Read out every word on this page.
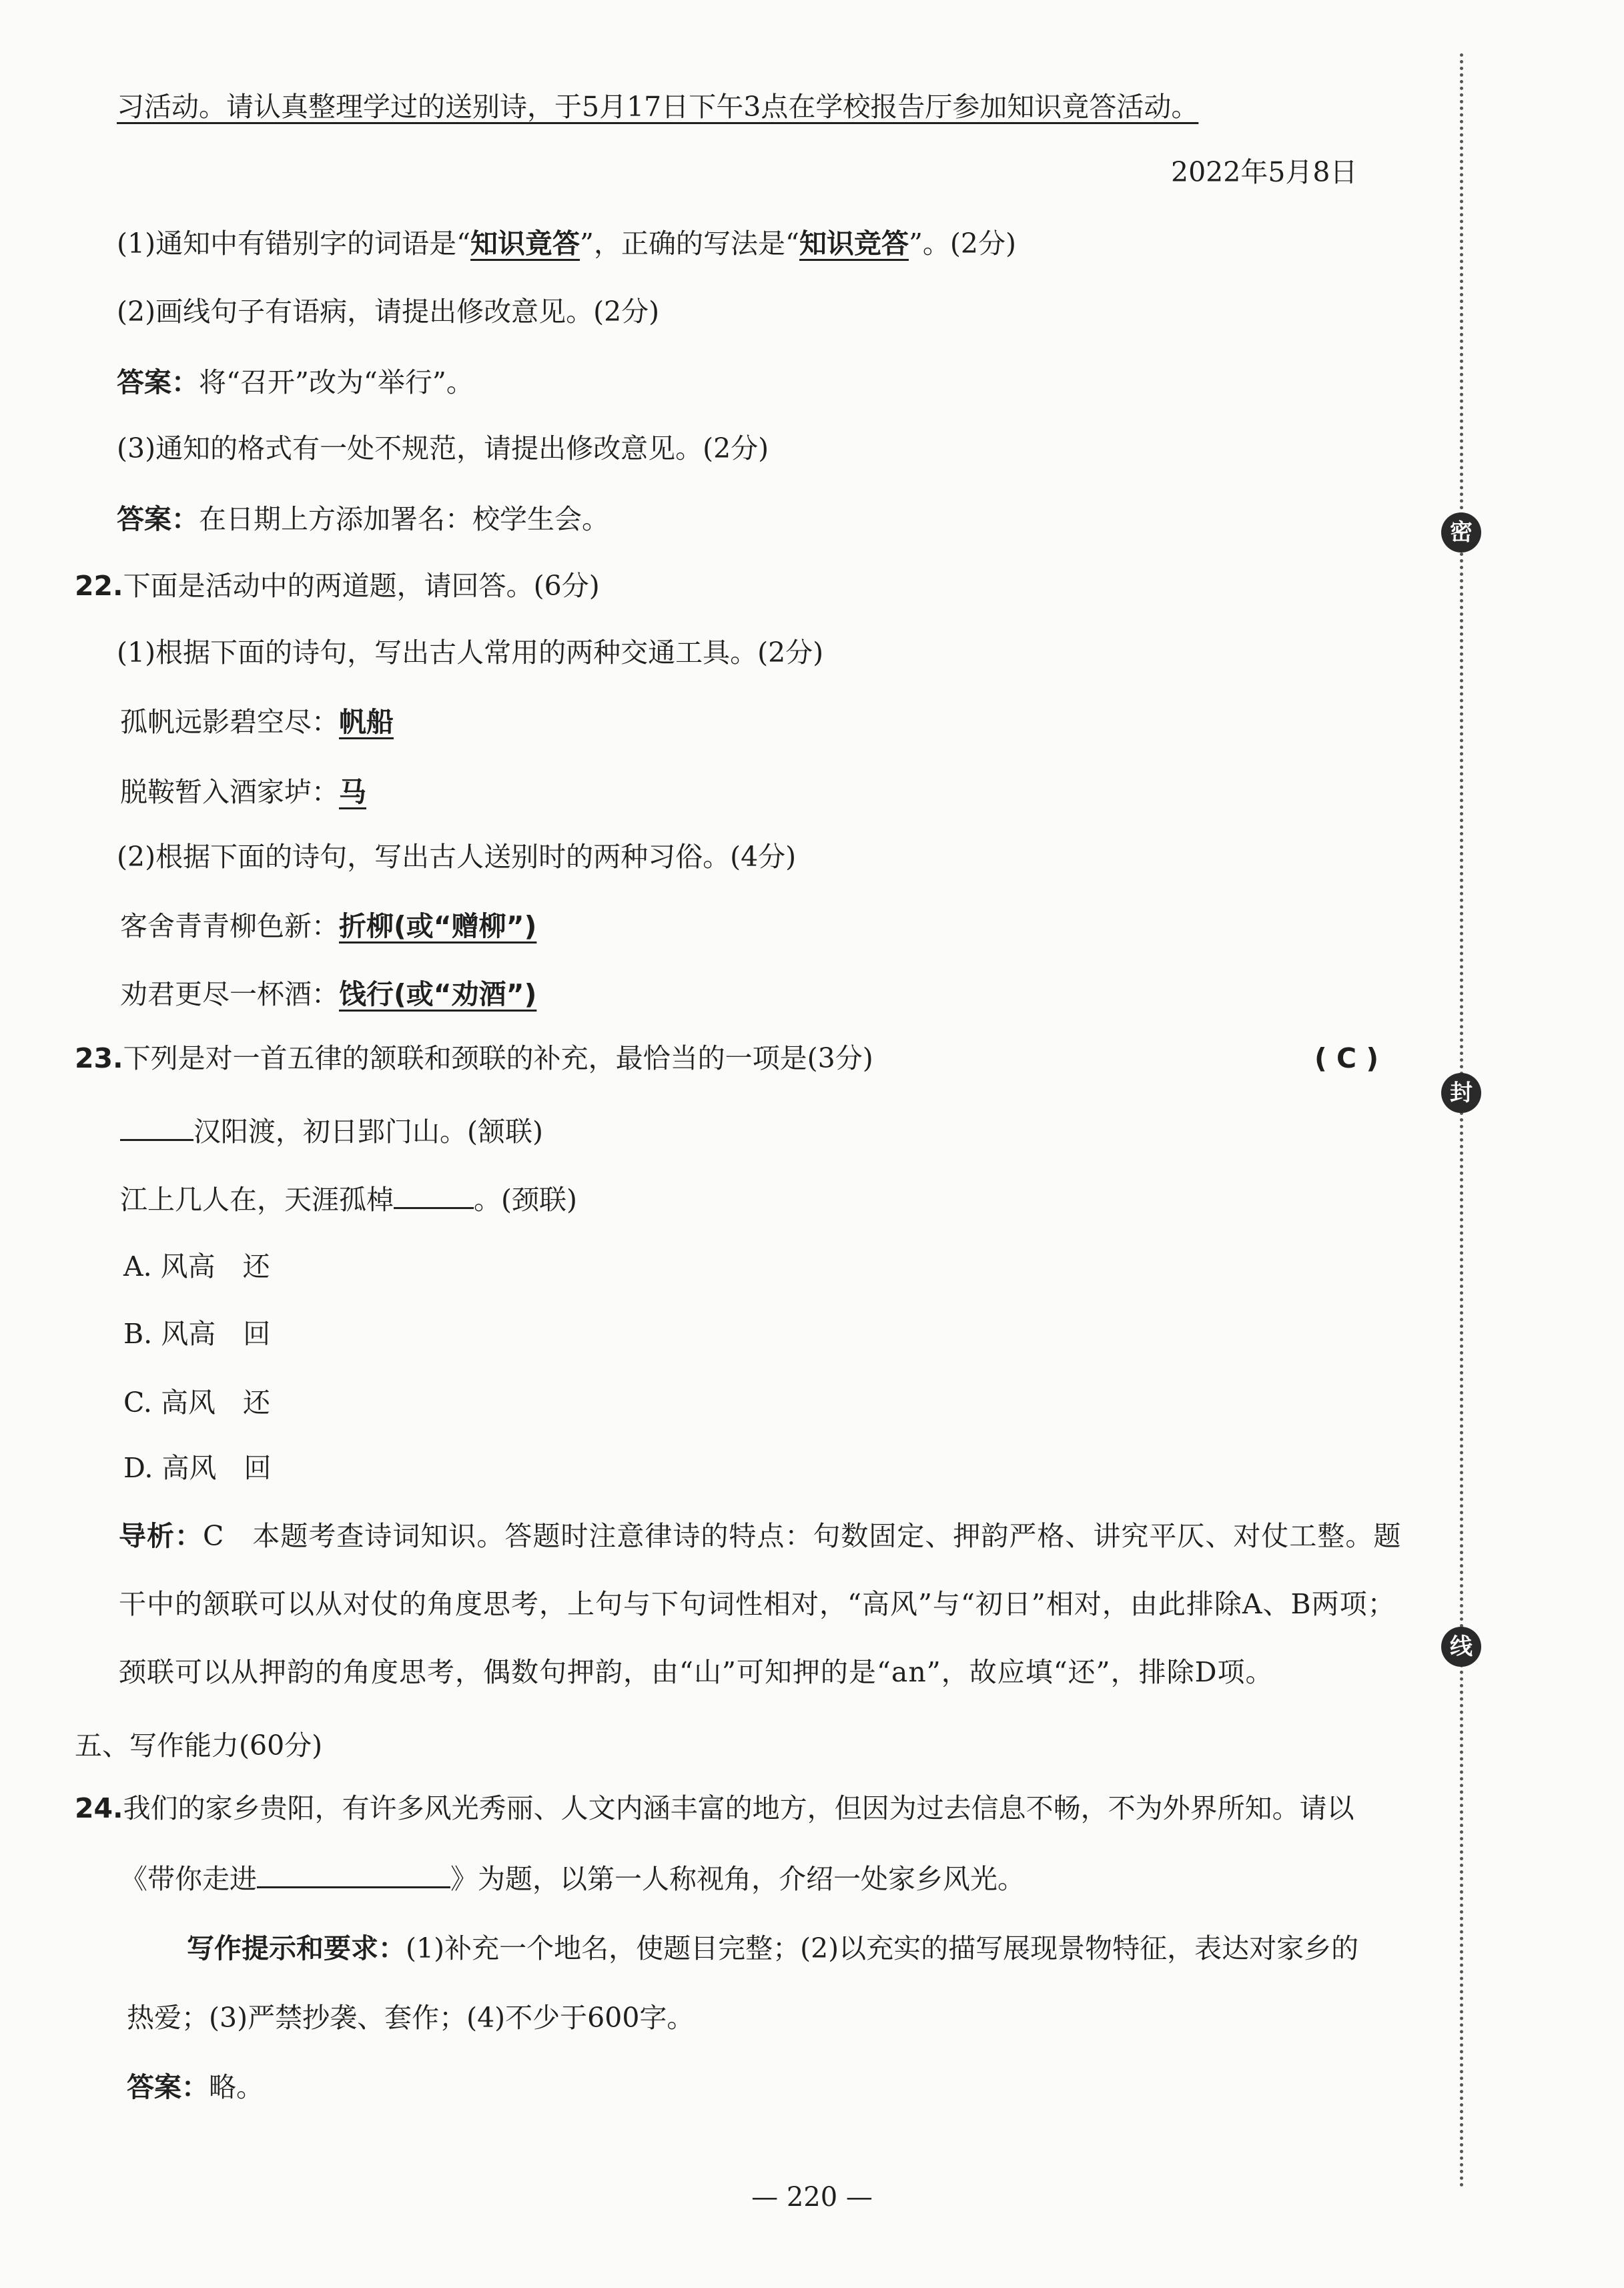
密
封
线
习活动。请认真整理学过的送别诗，于5月17日下午3点在学校报告厅参加知识竟答活动。
2022年5月8日
(1)通知中有错别字的词语是“知识竟答”，正确的写法是“知识竞答”。(2分)
(2)画线句子有语病，请提出修改意见。(2分)
答案：将“召开”改为“举行”。
(3)通知的格式有一处不规范，请提出修改意见。(2分)
答案：在日期上方添加署名：校学生会。
22.下面是活动中的两道题，请回答。(6分)
(1)根据下面的诗句，写出古人常用的两种交通工具。(2分)
孤帆远影碧空尽：帆船
脱鞍暂入酒家垆：马
(2)根据下面的诗句，写出古人送别时的两种习俗。(4分)
客舍青青柳色新：折柳(或“赠柳”)
劝君更尽一杯酒：饯行(或“劝酒”)
23.下列是对一首五律的颔联和颈联的补充，最恰当的一项是(3分)	( C )
汉阳渡，初日郢门山。(颔联)
江上几人在，天涯孤棹	。(颈联)
A. 风高　还
B. 风高　回
C. 高风　还
D. 高风　回
导析：C　本题考查诗词知识。答题时注意律诗的特点：句数固定、押韵严格、讲究平仄、对仗工整。题
干中的颔联可以从对仗的角度思考，上句与下句词性相对，“高风”与“初日”相对，由此排除A、B两项；
颈联可以从押韵的角度思考，偶数句押韵，由“山”可知押的是“an”，故应填“还”，排除D项。
五、写作能力(60分)
24.我们的家乡贵阳，有许多风光秀丽、人文内涵丰富的地方，但因为过去信息不畅，不为外界所知。请以
《带你走进	》为题，以第一人称视角，介绍一处家乡风光。
写作提示和要求：(1)补充一个地名，使题目完整；(2)以充实的描写展现景物特征，表达对家乡的
热爱；(3)严禁抄袭、套作；(4)不少于600字。
答案：略。
— 220 —
